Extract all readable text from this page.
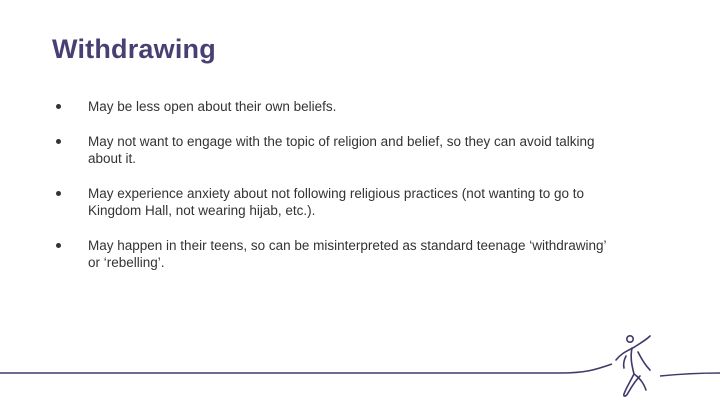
Withdrawing
May be less open about their own beliefs.
May not want to engage with the topic of religion and belief, so they can avoid talking about it.
May experience anxiety about not following religious practices (not wanting to go to Kingdom Hall, not wearing hijab, etc.).
May happen in their teens, so can be misinterpreted as standard teenage ‘withdrawing’ or ‘rebelling’.
